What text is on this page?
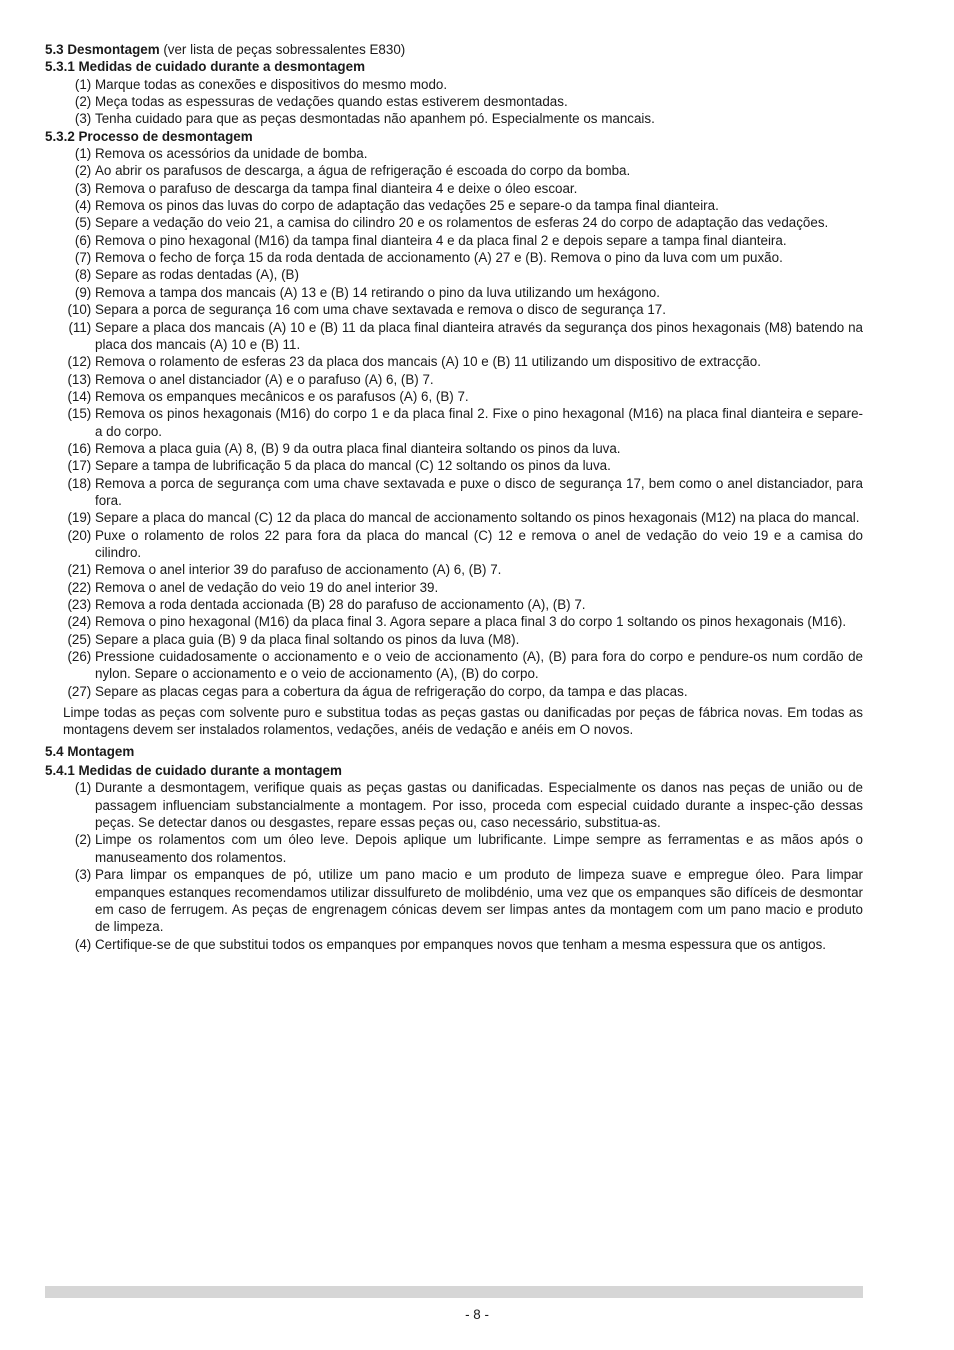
5.3 Desmontagem (ver lista de peças sobressalentes E830)

5.3.1 Medidas de cuidado durante a desmontagem

(1) Marque todas as conexões e dispositivos do mesmo modo.
(2) Meça todas as espessuras de vedações quando estas estiverem desmontadas.
(3) Tenha cuidado para que as peças desmontadas não apanhem pó. Especialmente os mancais.

5.3.2 Processo de desmontagem

(1) Remova os acessórios da unidade de bomba.
(2) Ao abrir os parafusos de descarga, a água de refrigeração é escoada do corpo da bomba.
(3) Remova o parafuso de descarga da tampa final dianteira 4 e deixe o óleo escoar.
(4) Remova os pinos das luvas do corpo de adaptação das vedações 25 e separe-o da tampa final dianteira.
(5) Separe a vedação do veio 21, a camisa do cilindro 20 e os rolamentos de esferas 24 do corpo de adaptação das vedações.
(6) Remova o pino hexagonal (M16) da tampa final dianteira 4 e da placa final 2 e depois separe a tampa final dianteira.
(7) Remova o fecho de força 15 da roda dentada de accionamento (A) 27 e (B). Remova o pino da luva com um puxão.
(8) Separe as rodas dentadas (A), (B)
(9) Remova a tampa dos mancais (A) 13 e (B) 14 retirando o pino da luva utilizando um hexágono.
(10) Separa a porca de segurança 16 com uma chave sextavada e remova o disco de segurança 17.
(11) Separe a placa dos mancais (A) 10 e (B) 11 da placa final dianteira através da segurança dos pinos hexagonais (M8) batendo na placa dos mancais (A) 10 e (B) 11.
(12) Remova o rolamento de esferas 23 da placa dos mancais (A) 10 e (B) 11 utilizando um dispositivo de extracção.
(13) Remova o anel distanciador (A) e o parafuso (A) 6, (B) 7.
(14) Remova os empanques mecânicos e os parafusos (A) 6, (B) 7.
(15) Remova os pinos hexagonais (M16) do corpo 1 e da placa final 2. Fixe o pino hexagonal (M16) na placa final dianteira e separe-a do corpo.
(16) Remova a placa guia (A) 8, (B) 9 da outra placa final dianteira soltando os pinos da luva.
(17) Separe a tampa de lubrificação 5 da placa do mancal (C) 12 soltando os pinos da luva.
(18) Remova a porca de segurança com uma chave sextavada e puxe o disco de segurança 17, bem como o anel distanciador, para fora.
(19) Separe a placa do mancal (C) 12 da placa do mancal de accionamento soltando os pinos hexagonais (M12) na placa do mancal.
(20) Puxe o rolamento de rolos 22 para fora da placa do mancal (C) 12 e remova o anel de vedação do veio 19 e a camisa do cilindro.
(21) Remova o anel interior 39 do parafuso de accionamento (A) 6, (B) 7.
(22) Remova o anel de vedação do veio 19 do anel interior 39.
(23) Remova a roda dentada accionada (B) 28 do parafuso de accionamento (A), (B) 7.
(24) Remova o pino hexagonal (M16) da placa final 3. Agora separe a placa final 3 do corpo 1 soltando os pinos hexagonais (M16).
(25) Separe a placa guia (B) 9 da placa final soltando os pinos da luva (M8).
(26) Pressione cuidadosamente o accionamento e o veio de accionamento (A), (B) para fora do corpo e pendure-os num cordão de nylon. Separe o accionamento e o veio de accionamento (A), (B) do corpo.
(27) Separe as placas cegas para a cobertura da água de refrigeração do corpo, da tampa e das placas.

Limpe todas as peças com solvente puro e substitua todas as peças gastas ou danificadas por peças de fábrica novas. Em todas as montagens devem ser instalados rolamentos, vedações, anéis de vedação e anéis em O novos.

5.4 Montagem

5.4.1 Medidas de cuidado durante a montagem

(1) Durante a desmontagem, verifique quais as peças gastas ou danificadas. Especialmente os danos nas peças de união ou de passagem influenciam substancialmente a montagem. Por isso, proceda com especial cuidado durante a inspec-ção dessas peças. Se detectar danos ou desgastes, repare essas peças ou, caso necessário, substitua-as.
(2) Limpe os rolamentos com um óleo leve. Depois aplique um lubrificante. Limpe sempre as ferramentas e as mãos após o manuseamento dos rolamentos.
(3) Para limpar os empanques de pó, utilize um pano macio e um produto de limpeza suave e empregue óleo. Para limpar empanques estanques recomendamos utilizar dissulfureto de molibdénio, uma vez que os empanques são difíceis de desmontar em caso de ferrugem. As peças de engrenagem cónicas devem ser limpas antes da montagem com um pano macio e produto de limpeza.
(4) Certifique-se de que substitui todos os empanques por empanques novos que tenham a mesma espessura que os antigos.
- 8 -
